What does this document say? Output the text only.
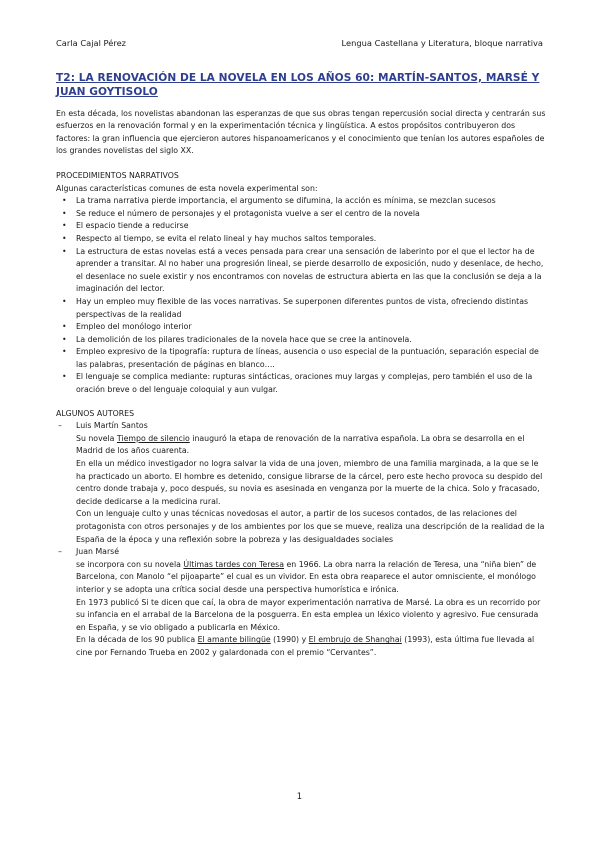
Carla Cajal Pérez	Lengua Castellana y Literatura, bloque narrativa
T2: LA RENOVACIÓN DE LA NOVELA EN LOS AÑOS 60: MARTÍN-SANTOS, MARSÉ Y JUAN GOYTISOLO

En esta década, los novelistas abandonan las esperanzas de que sus obras tengan repercusión social directa y centrarán sus esfuerzos en la renovación formal y en la experimentación técnica y lingüística. A estos propósitos contribuyeron dos factores: la gran influencia que ejercieron autores hispanoamericanos y el conocimiento que tenían los autores españoles de los grandes novelistas del siglo XX.

PROCEDIMIENTOS NARRATIVOS

Algunas características comunes de esta novela experimental son:

• La trama narrativa pierde importancia, el argumento se difumina, la acción es mínima, se mezclan sucesos
• Se reduce el número de personajes y el protagonista vuelve a ser el centro de la novela
• El espacio tiende a reducirse
• Respecto al tiempo, se evita el relato lineal y hay muchos saltos temporales.
• La estructura de estas novelas está a veces pensada para crear una sensación de laberinto por el que el lector ha de aprender a transitar. Al no haber una progresión lineal, se pierde desarrollo de exposición, nudo y desenlace, de hecho, el desenlace no suele existir y nos encontramos con novelas de estructura abierta en las que la conclusión se deja a la imaginación del lector.
• Hay un empleo muy flexible de las voces narrativas. Se superponen diferentes puntos de vista, ofreciendo distintas perspectivas de la realidad
• Empleo del monólogo interior
• La demolición de los pilares tradicionales de la novela hace que se cree la antinovela.
• Empleo expresivo de la tipografía: ruptura de líneas, ausencia o uso especial de la puntuación, separación especial de las palabras, presentación de páginas en blanco….
• El lenguaje se complica mediante: rupturas sintácticas, oraciones muy largas y complejas, pero también el uso de la oración breve o del lenguaje coloquial y aun vulgar.

ALGUNOS AUTORES

– Luis Martín Santos

Su novela Tiempo de silencio inauguró la etapa de renovación de la narrativa española. La obra se desarrolla en el Madrid de los años cuarenta.

En ella un médico investigador no logra salvar la vida de una joven, miembro de una familia marginada, a la que se le ha practicado un aborto. El hombre es detenido, consigue librarse de la cárcel, pero este hecho provoca su despido del centro donde trabaja y, poco después, su novia es asesinada en venganza por la muerte de la chica. Solo y fracasado, decide dedicarse a la medicina rural.

Con un lenguaje culto y unas técnicas novedosas el autor, a partir de los sucesos contados, de las relaciones del protagonista con otros personajes y de los ambientes por los que se mueve, realiza una descripción de la realidad de la España de la época y una reflexión sobre la pobreza y las desigualdades sociales

– Juan Marsé

se incorpora con su novela Últimas tardes con Teresa en 1966. La obra narra la relación de Teresa, una “niña bien” de Barcelona, con Manolo “el pijoaparte” el cual es un vividor. En esta obra reaparece el autor omnisciente, el monólogo interior y se adopta una crítica social desde una perspectiva humorística e irónica.

En 1973 publicó Si te dicen que caí, la obra de mayor experimentación narrativa de Marsé. La obra es un recorrido por su infancia en el arrabal de la Barcelona de la posguerra. En esta emplea un léxico violento y agresivo. Fue censurada en España, y se vio obligado a publicarla en México.

En la década de los 90 publica El amante bilingüe (1990) y El embrujo de Shanghai (1993), esta última fue llevada al cine por Fernando Trueba en 2002 y galardonada con el premio “Cervantes”.

1
